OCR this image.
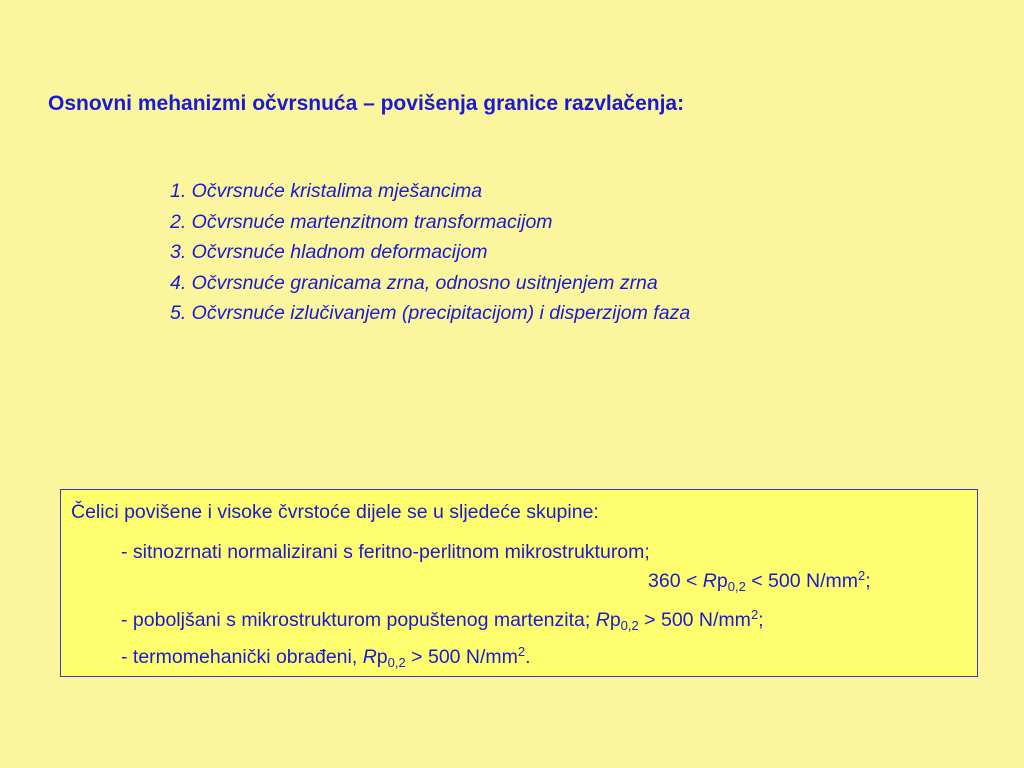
Osnovni mehanizmi očvrsnuća – povišenja granice razvlačenja:
1. Očvrsnuće kristalima mješancima
2. Očvrsnuće martenzitnom transformacijom
3. Očvrsnuće hladnom deformacijom
4. Očvrsnuće granicama zrna, odnosno usitnjenjem zrna
5. Očvrsnuće izlučivanjem (precipitacijom) i disperzijom faza
Čelici povišene i visoke čvrstoće dijele se u sljedeće skupine:
- sitnozrnati normalizirani s feritno-perlitnom mikrostrukturom;
$360 < Rp_{0,2} < 500$ $N/mm^2$;
- poboljšani s mikrostrukturom popuštenog martenzita; $Rp_{0,2} > 500$ $N/mm^2$;
- termomehanički obrađeni, $Rp_{0,2} > 500$ $N/mm^2$.
